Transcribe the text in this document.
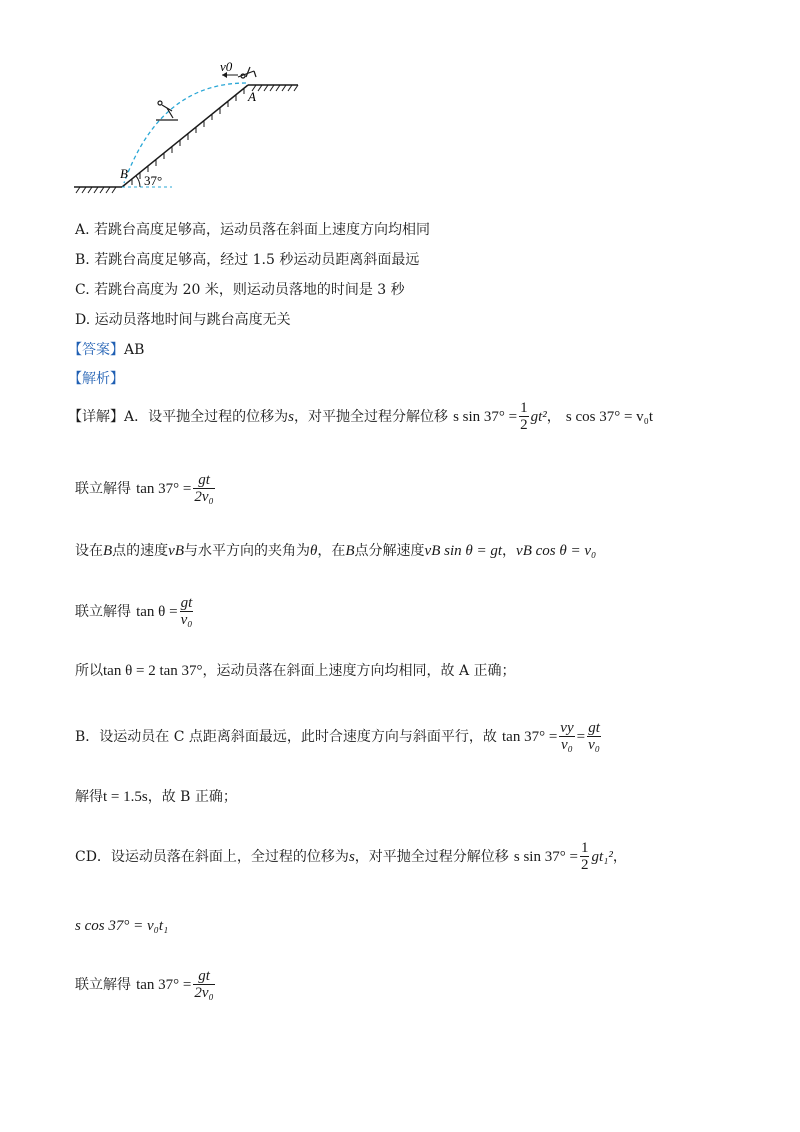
v0
A
B 37°
A. 若跳台高度足够高，运动员落在斜面上速度方向均相同
B. 若跳台高度足够高，经过 1.5 秒运动员距离斜面最远
C. 若跳台高度为 20 米，则运动员落地的时间是 3 秒
D. 运动员落地时间与跳台高度无关
【答案】AB
【解析】
【详解】A．设平抛全过程的位移为s，对平抛全过程分解位移 s $\sin 37^\circ = \frac{1}{2} gt^2$， s cos 37° = v₀t
联立解得 $\tan 37^\circ = \frac{gt}{\text{2v₀}}$
设在B点的速度vB与水平方向的夹角为θ，在B点分解速度vB sin θ = gt，vB cos θ = v₀
联立解得 $\tan \theta = \frac{gt}{\text{v₀}}$
所以tan θ = 2 tan 37°，运动员落在斜面上速度方向均相同，故 A 正确；
B．设运动员在 C 点距离斜面最远，此时合速度方向与斜面平行，故 $\tan 37^\circ = \frac{vy}{\text{v₀}} = \frac{gt}{\text{v₀}}$
解得t = 1.5s，故 B 正确；
CD．设运动员落在斜面上，全过程的位移为s，对平抛全过程分解位移 s $\sin 37^\circ = \frac{1}{2} gt_1^2$，
s cos 37° = v₀t₁
联立解得 $\tan 37^\circ = \frac{gt}{\text{2v₀}}$
